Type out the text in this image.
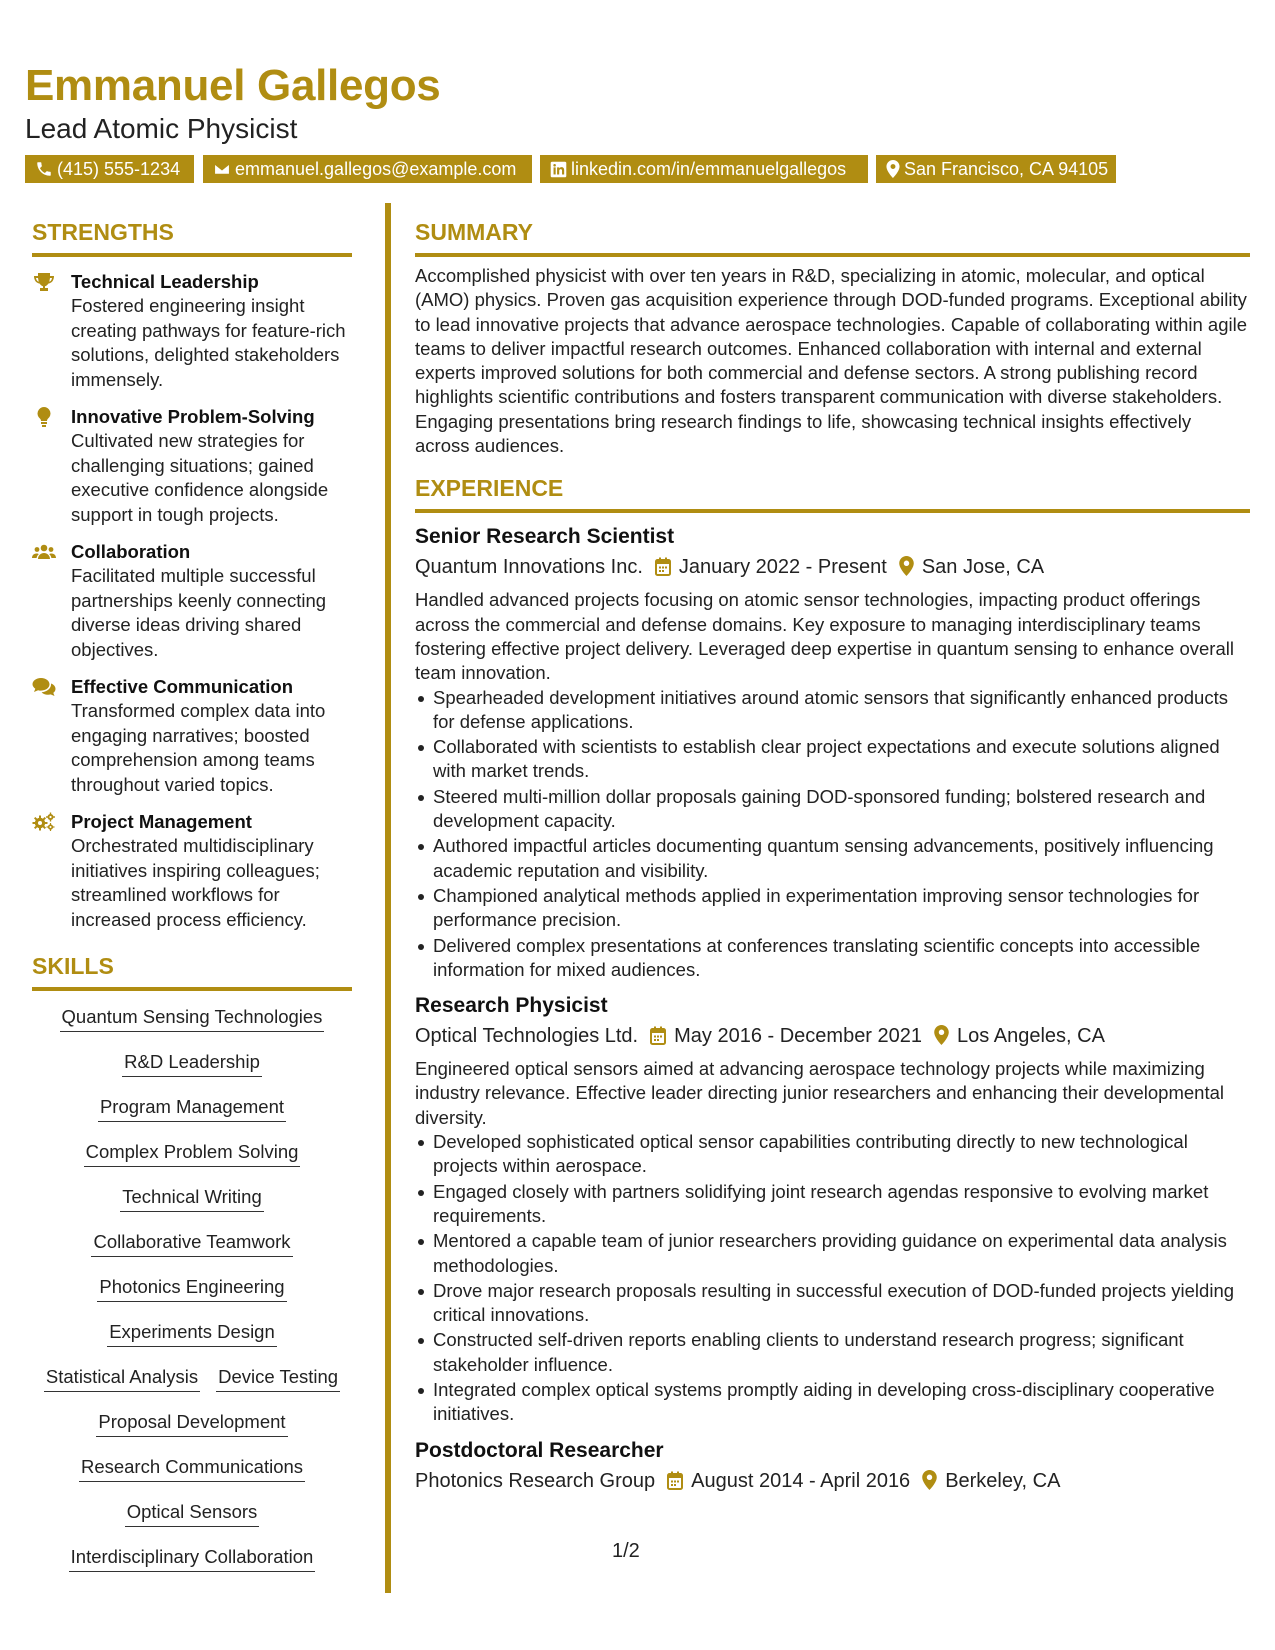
Emmanuel Gallegos
Lead Atomic Physicist
(415) 555-1234	emmanuel.gallegos@example.com	linkedin.com/in/emmanuelgallegos	San Francisco, CA 94105
STRENGTHS
Technical Leadership
Fostered engineering insight creating pathways for feature-rich solutions, delighted stakeholders immensely.
Innovative Problem-Solving
Cultivated new strategies for challenging situations; gained executive confidence alongside support in tough projects.
Collaboration
Facilitated multiple successful partnerships keenly connecting diverse ideas driving shared objectives.
Effective Communication
Transformed complex data into engaging narratives; boosted comprehension among teams throughout varied topics.
Project Management
Orchestrated multidisciplinary initiatives inspiring colleagues; streamlined workflows for increased process efficiency.
SKILLS
Quantum Sensing Technologies
R&D Leadership
Program Management
Complex Problem Solving
Technical Writing
Collaborative Teamwork
Photonics Engineering
Experiments Design
Statistical Analysis Device Testing
Proposal Development
Research Communications
Optical Sensors
Interdisciplinary Collaboration
SUMMARY
Accomplished physicist with over ten years in R&D, specializing in atomic, molecular, and optical (AMO) physics. Proven gas acquisition experience through DOD-funded programs. Exceptional ability to lead innovative projects that advance aerospace technologies. Capable of collaborating within agile teams to deliver impactful research outcomes. Enhanced collaboration with internal and external experts improved solutions for both commercial and defense sectors. A strong publishing record highlights scientific contributions and fosters transparent communication with diverse stakeholders. Engaging presentations bring research findings to life, showcasing technical insights effectively across audiences.
EXPERIENCE
Senior Research Scientist
Quantum Innovations Inc. January 2022 - Present San Jose, CA
Handled advanced projects focusing on atomic sensor technologies, impacting product offerings across the commercial and defense domains. Key exposure to managing interdisciplinary teams fostering effective project delivery. Leveraged deep expertise in quantum sensing to enhance overall team innovation.
Spearheaded development initiatives around atomic sensors that significantly enhanced products for defense applications.
Collaborated with scientists to establish clear project expectations and execute solutions aligned with market trends.
Steered multi-million dollar proposals gaining DOD-sponsored funding; bolstered research and development capacity.
Authored impactful articles documenting quantum sensing advancements, positively influencing academic reputation and visibility.
Championed analytical methods applied in experimentation improving sensor technologies for performance precision.
Delivered complex presentations at conferences translating scientific concepts into accessible information for mixed audiences.
Research Physicist
Optical Technologies Ltd. May 2016 - December 2021 Los Angeles, CA
Engineered optical sensors aimed at advancing aerospace technology projects while maximizing industry relevance. Effective leader directing junior researchers and enhancing their developmental diversity.
Developed sophisticated optical sensor capabilities contributing directly to new technological projects within aerospace.
Engaged closely with partners solidifying joint research agendas responsive to evolving market requirements.
Mentored a capable team of junior researchers providing guidance on experimental data analysis methodologies.
Drove major research proposals resulting in successful execution of DOD-funded projects yielding critical innovations.
Constructed self-driven reports enabling clients to understand research progress; significant stakeholder influence.
Integrated complex optical systems promptly aiding in developing cross-disciplinary cooperative initiatives.
Postdoctoral Researcher
Photonics Research Group August 2014 - April 2016 Berkeley, CA
1/2
